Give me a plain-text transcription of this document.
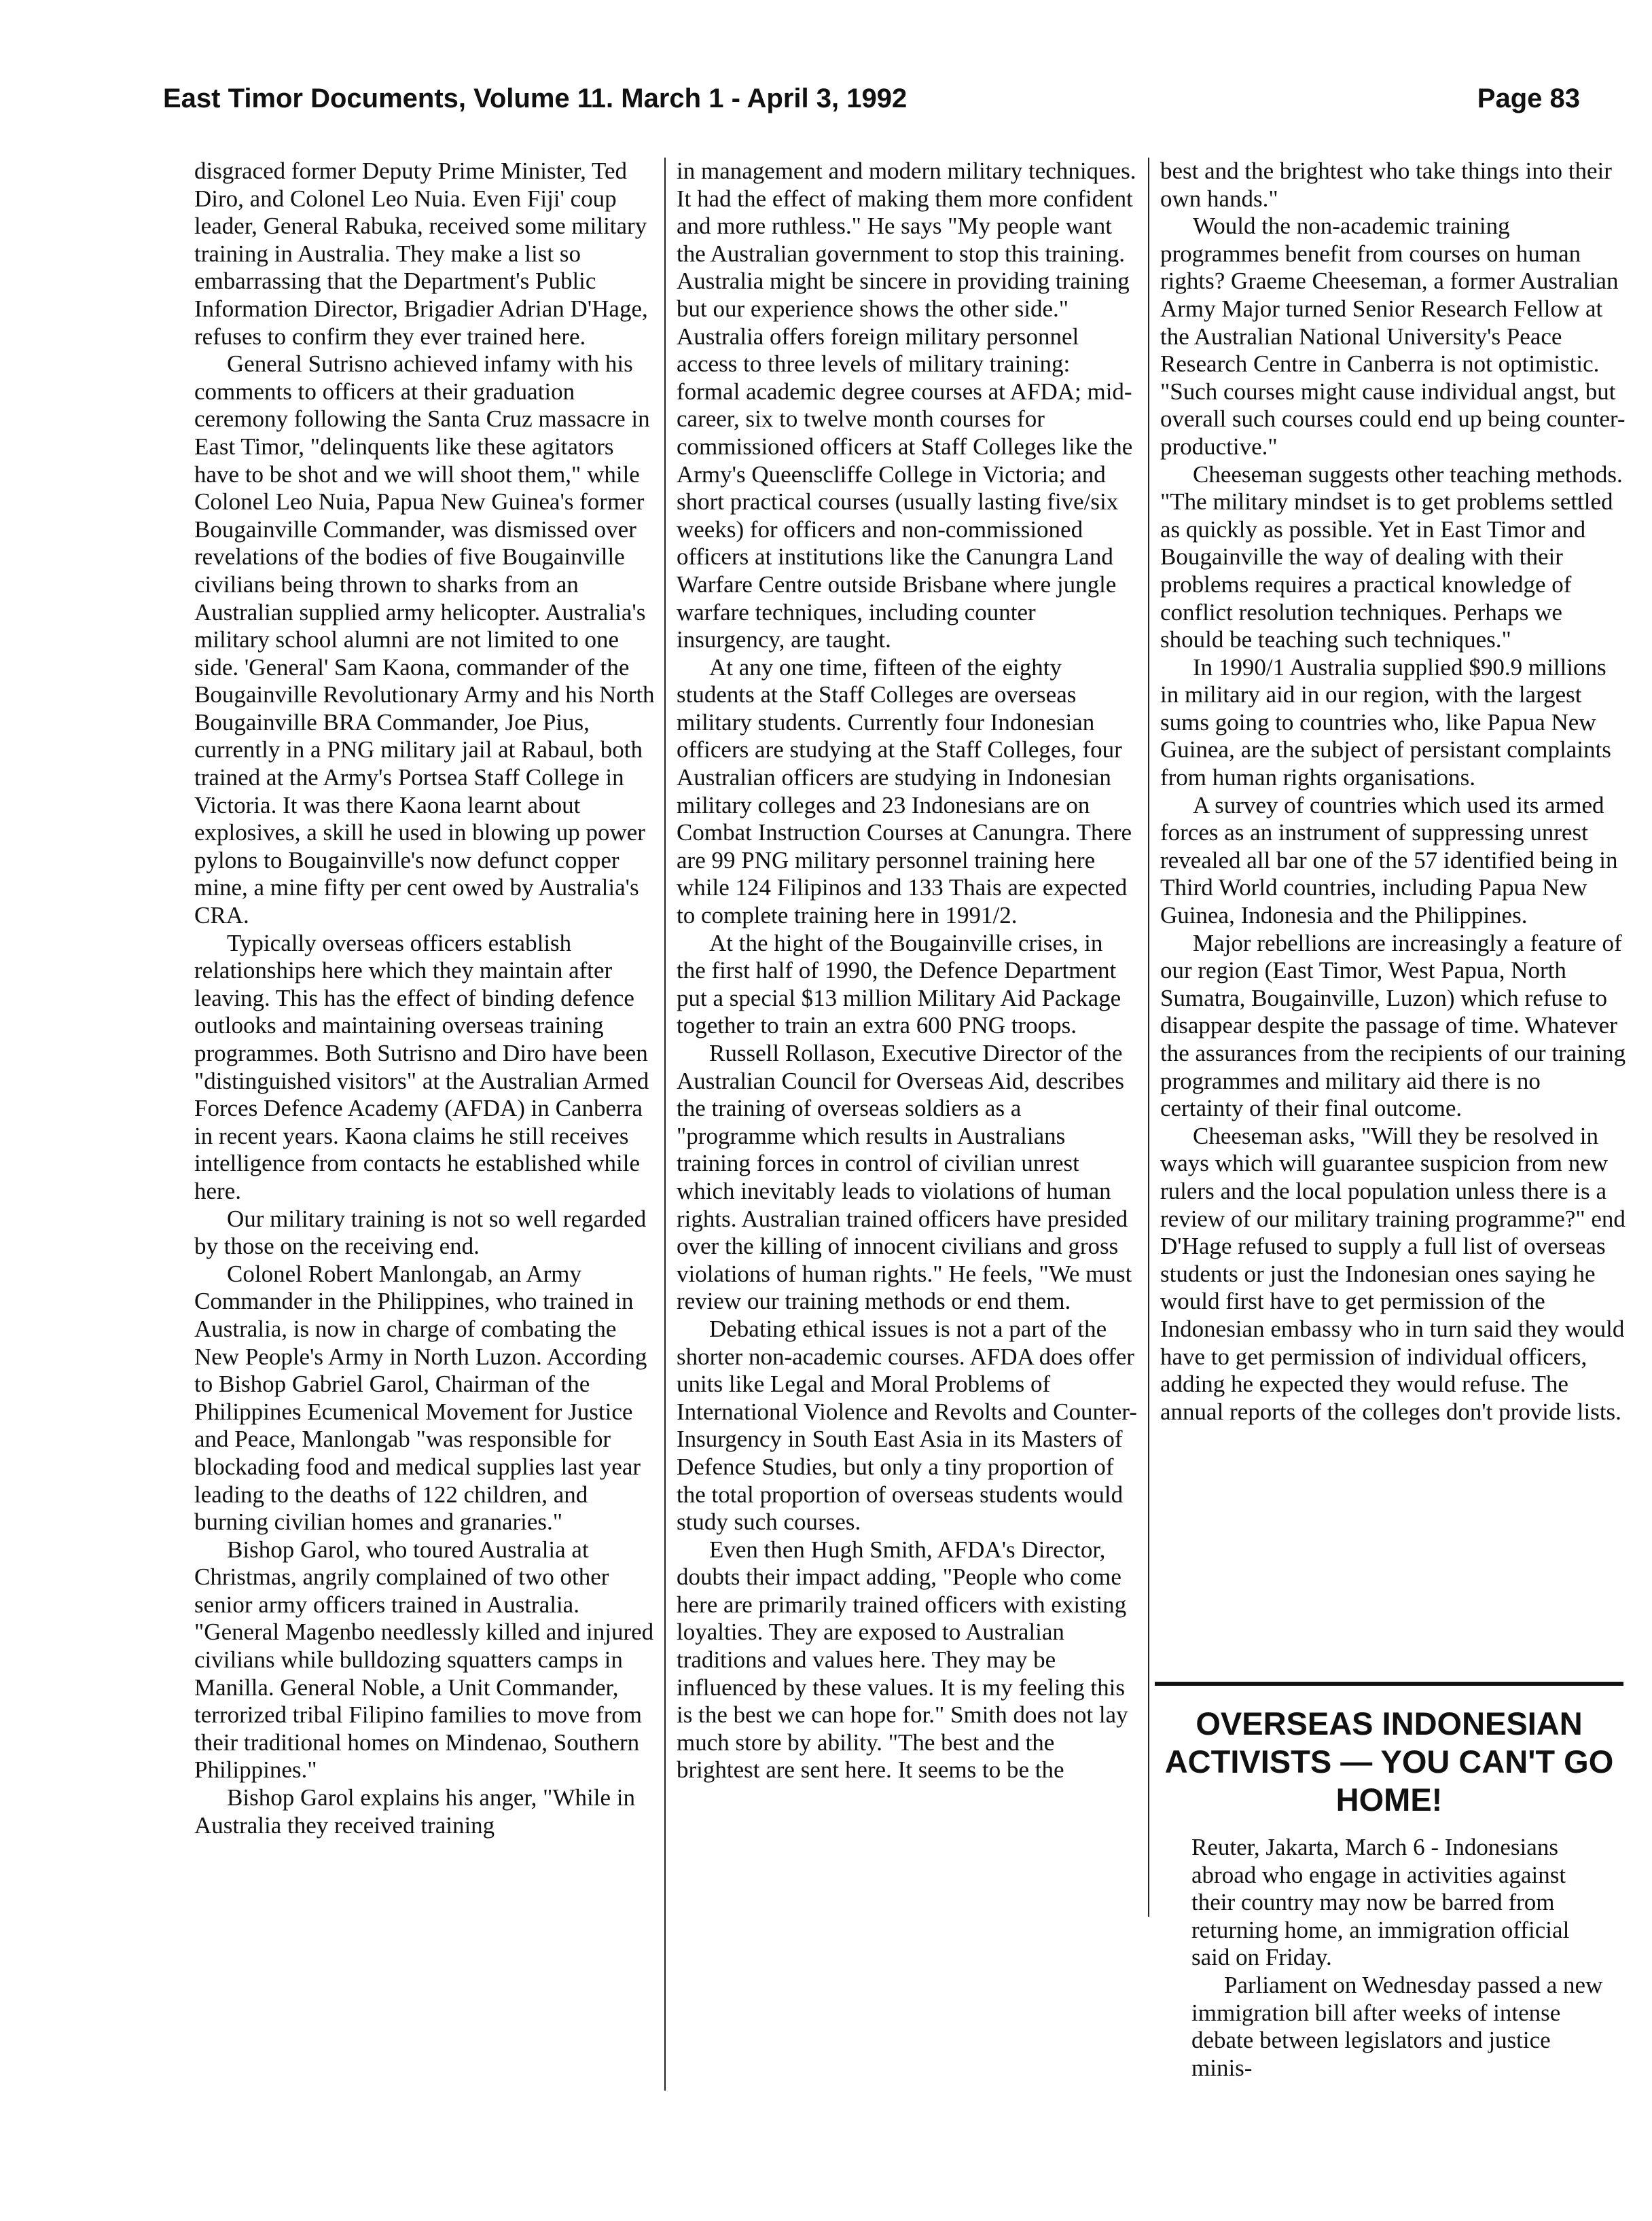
East Timor Documents, Volume 11. March 1 - April 3, 1992	Page 83

disgraced former Deputy Prime Minister, Ted Diro, and Colonel Leo Nuia. Even Fiji' coup leader, General Rabuka, received some military training in Australia. They make a list so embarrassing that the Department's Public Information Director, Brigadier Adrian D'Hage, refuses to confirm they ever trained here.

General Sutrisno achieved infamy with his comments to officers at their graduation ceremony following the Santa Cruz massacre in East Timor, "delinquents like these agitators have to be shot and we will shoot them," while Colonel Leo Nuia, Papua New Guinea's former Bougainville Commander, was dismissed over revelations of the bodies of five Bougainville civilians being thrown to sharks from an Australian supplied army helicopter. Australia's military school alumni are not limited to one side. 'General' Sam Kaona, commander of the Bougainville Revolutionary Army and his North Bougainville BRA Commander, Joe Pius, currently in a PNG military jail at Rabaul, both trained at the Army's Portsea Staff College in Victoria. It was there Kaona learnt about explosives, a skill he used in blowing up power pylons to Bougainville's now defunct copper mine, a mine fifty per cent owed by Australia's CRA.

Typically overseas officers establish relationships here which they maintain after leaving. This has the effect of binding defence outlooks and maintaining overseas training programmes. Both Sutrisno and Diro have been "distinguished visitors" at the Australian Armed Forces Defence Academy (AFDA) in Canberra in recent years. Kaona claims he still receives intelligence from contacts he established while here.

Our military training is not so well regarded by those on the receiving end.

Colonel Robert Manlongab, an Army Commander in the Philippines, who trained in Australia, is now in charge of combating the New People's Army in North Luzon. According to Bishop Gabriel Garol, Chairman of the Philippines Ecumenical Movement for Justice and Peace, Manlongab "was responsible for blockading food and medical supplies last year leading to the deaths of 122 children, and burning civilian homes and granaries."

Bishop Garol, who toured Australia at Christmas, angrily complained of two other senior army officers trained in Australia. "General Magenbo needlessly killed and injured civilians while bulldozing squatters camps in Manilla. General Noble, a Unit Commander, terrorized tribal Filipino families to move from their traditional homes on Mindenao, Southern Philippines."

Bishop Garol explains his anger, "While in Australia they received training

in management and modern military techniques. It had the effect of making them more confident and more ruthless." He says "My people want the Australian government to stop this training. Australia might be sincere in providing training but our experience shows the other side." Australia offers foreign military personnel access to three levels of military training: formal academic degree courses at AFDA; mid-career, six to twelve month courses for commissioned officers at Staff Colleges like the Army's Queenscliffe College in Victoria; and short practical courses (usually lasting five/six weeks) for officers and non-commissioned officers at institutions like the Canungra Land Warfare Centre outside Brisbane where jungle warfare techniques, including counter insurgency, are taught.

At any one time, fifteen of the eighty students at the Staff Colleges are overseas military students. Currently four Indonesian officers are studying at the Staff Colleges, four Australian officers are studying in Indonesian military colleges and 23 Indonesians are on Combat Instruction Courses at Canungra. There are 99 PNG military personnel training here while 124 Filipinos and 133 Thais are expected to complete training here in 1991/2.

At the hight of the Bougainville crises, in the first half of 1990, the Defence Department put a special $13 million Military Aid Package together to train an extra 600 PNG troops.

Russell Rollason, Executive Director of the Australian Council for Overseas Aid, describes the training of overseas soldiers as a "programme which results in Australians training forces in control of civilian unrest which inevitably leads to violations of human rights. Australian trained officers have presided over the killing of innocent civilians and gross violations of human rights." He feels, "We must review our training methods or end them.

Debating ethical issues is not a part of the shorter non-academic courses. AFDA does offer units like Legal and Moral Problems of International Violence and Revolts and Counter-Insurgency in South East Asia in its Masters of Defence Studies, but only a tiny proportion of the total proportion of overseas students would study such courses.

Even then Hugh Smith, AFDA's Director, doubts their impact adding, "People who come here are primarily trained officers with existing loyalties. They are exposed to Australian traditions and values here. They may be influenced by these values. It is my feeling this is the best we can hope for." Smith does not lay much store by ability. "The best and the brightest are sent here. It seems to be the

best and the brightest who take things into their own hands."

Would the non-academic training programmes benefit from courses on human rights? Graeme Cheeseman, a former Australian Army Major turned Senior Research Fellow at the Australian National University's Peace Research Centre in Canberra is not optimistic. "Such courses might cause individual angst, but overall such courses could end up being counter-productive."

Cheeseman suggests other teaching methods. "The military mindset is to get problems settled as quickly as possible. Yet in East Timor and Bougainville the way of dealing with their problems requires a practical knowledge of conflict resolution techniques. Perhaps we should be teaching such techniques."

In 1990/1 Australia supplied $90.9 millions in military aid in our region, with the largest sums going to countries who, like Papua New Guinea, are the subject of persistant complaints from human rights organisations.

A survey of countries which used its armed forces as an instrument of suppressing unrest revealed all bar one of the 57 identified being in Third World countries, including Papua New Guinea, Indonesia and the Philippines.

Major rebellions are increasingly a feature of our region (East Timor, West Papua, North Sumatra, Bougainville, Luzon) which refuse to disappear despite the passage of time. Whatever the assurances from the recipients of our training programmes and military aid there is no certainty of their final outcome.

Cheeseman asks, "Will they be resolved in ways which will guarantee suspicion from new rulers and the local population unless there is a review of our military training programme?" end D'Hage refused to supply a full list of overseas students or just the Indonesian ones saying he would first have to get permission of the Indonesian embassy who in turn said they would have to get permission of individual officers, adding he expected they would refuse. The annual reports of the colleges don't provide lists.

OVERSEAS INDONESIAN ACTIVISTS — YOU CAN'T GO HOME!

Reuter, Jakarta, March 6 - Indonesians abroad who engage in activities against their country may now be barred from returning home, an immigration official said on Friday.

Parliament on Wednesday passed a new immigration bill after weeks of intense debate between legislators and justice minis-
